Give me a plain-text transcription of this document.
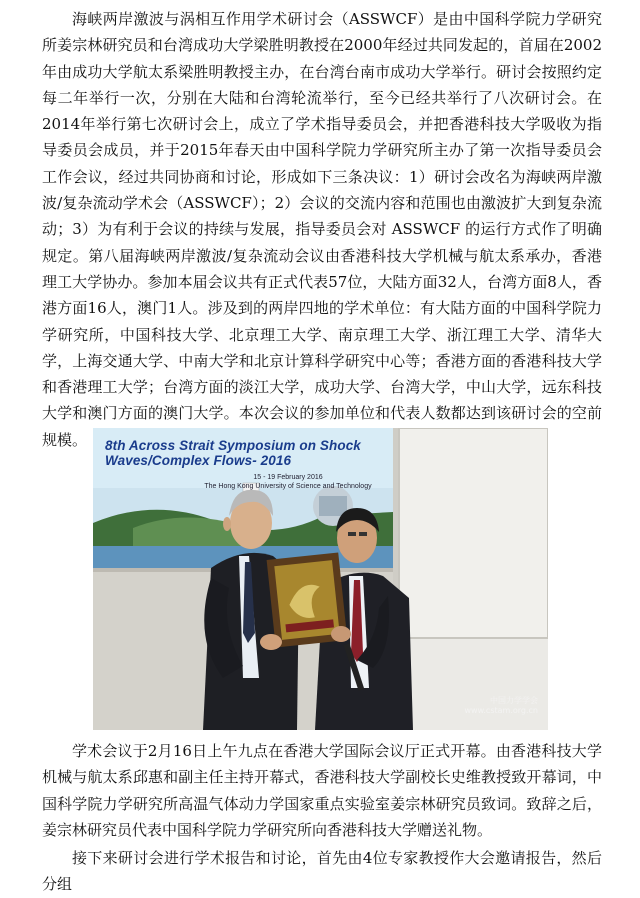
海峡两岸激波与涡相互作用学术研讨会（ASSWCF）是由中国科学院力学研究所姜宗林研究员和台湾成功大学梁胜明教授在2000年经过共同发起的，首届在2002年由成功大学航太系梁胜明教授主办，在台湾台南市成功大学举行。研讨会按照约定每二年举行一次，分别在大陆和台湾轮流举行，至今已经共举行了八次研讨会。在2014年举行第七次研讨会上，成立了学术指导委员会，并把香港科技大学吸收为指导委员会成员，并于2015年春天由中国科学院力学研究所主办了第一次指导委员会工作会议，经过共同协商和讨论，形成如下三条决议：1）研讨会改名为海峡两岸激波/复杂流动学术会（ASSWCF）；2）会议的交流内容和范围也由激波扩大到复杂流动；3）为有利于会议的持续与发展，指导委员会对 ASSWCF 的运行方式作了明确规定。第八届海峡两岸激波/复杂流动会议由香港科技大学机械与航太系承办，香港理工大学协办。参加本届会议共有正式代表57位，大陆方面32人，台湾方面8人，香港方面16人，澳门1人。涉及到的两岸四地的学术单位：有大陆方面的中国科学院力学研究所，中国科技大学、北京理工大学、南京理工大学、浙江理工大学、清华大学，上海交通大学、中南大学和北京计算科学研究中心等；香港方面的香港科技大学和香港理工大学；台湾方面的淡江大学，成功大学、台湾大学，中山大学，远东科技大学和澳门方面的澳门大学。本次会议的参加单位和代表人数都达到该研讨会的空前规模。	8th Across Strait Symposium on Shock Waves/Complex Flows- 2016
15 - 19 February 2016
The Hong Kong University of Science and Technology
中国力学学会
www.cstam.org.cn

学术会议于2月16日上午九点在香港大学国际会议厅正式开幕。由香港科技大学机械与航太系邱惠和副主任主持开幕式，香港科技大学副校长史维教授致开幕词，中国科学院力学研究所高温气体动力学国家重点实验室姜宗林研究员致词。致辞之后，姜宗林研究员代表中国科学院力学研究所向香港科技大学赠送礼物。

接下来研讨会进行学术报告和讨论，首先由4位专家教授作大会邀请报告，然后分组
